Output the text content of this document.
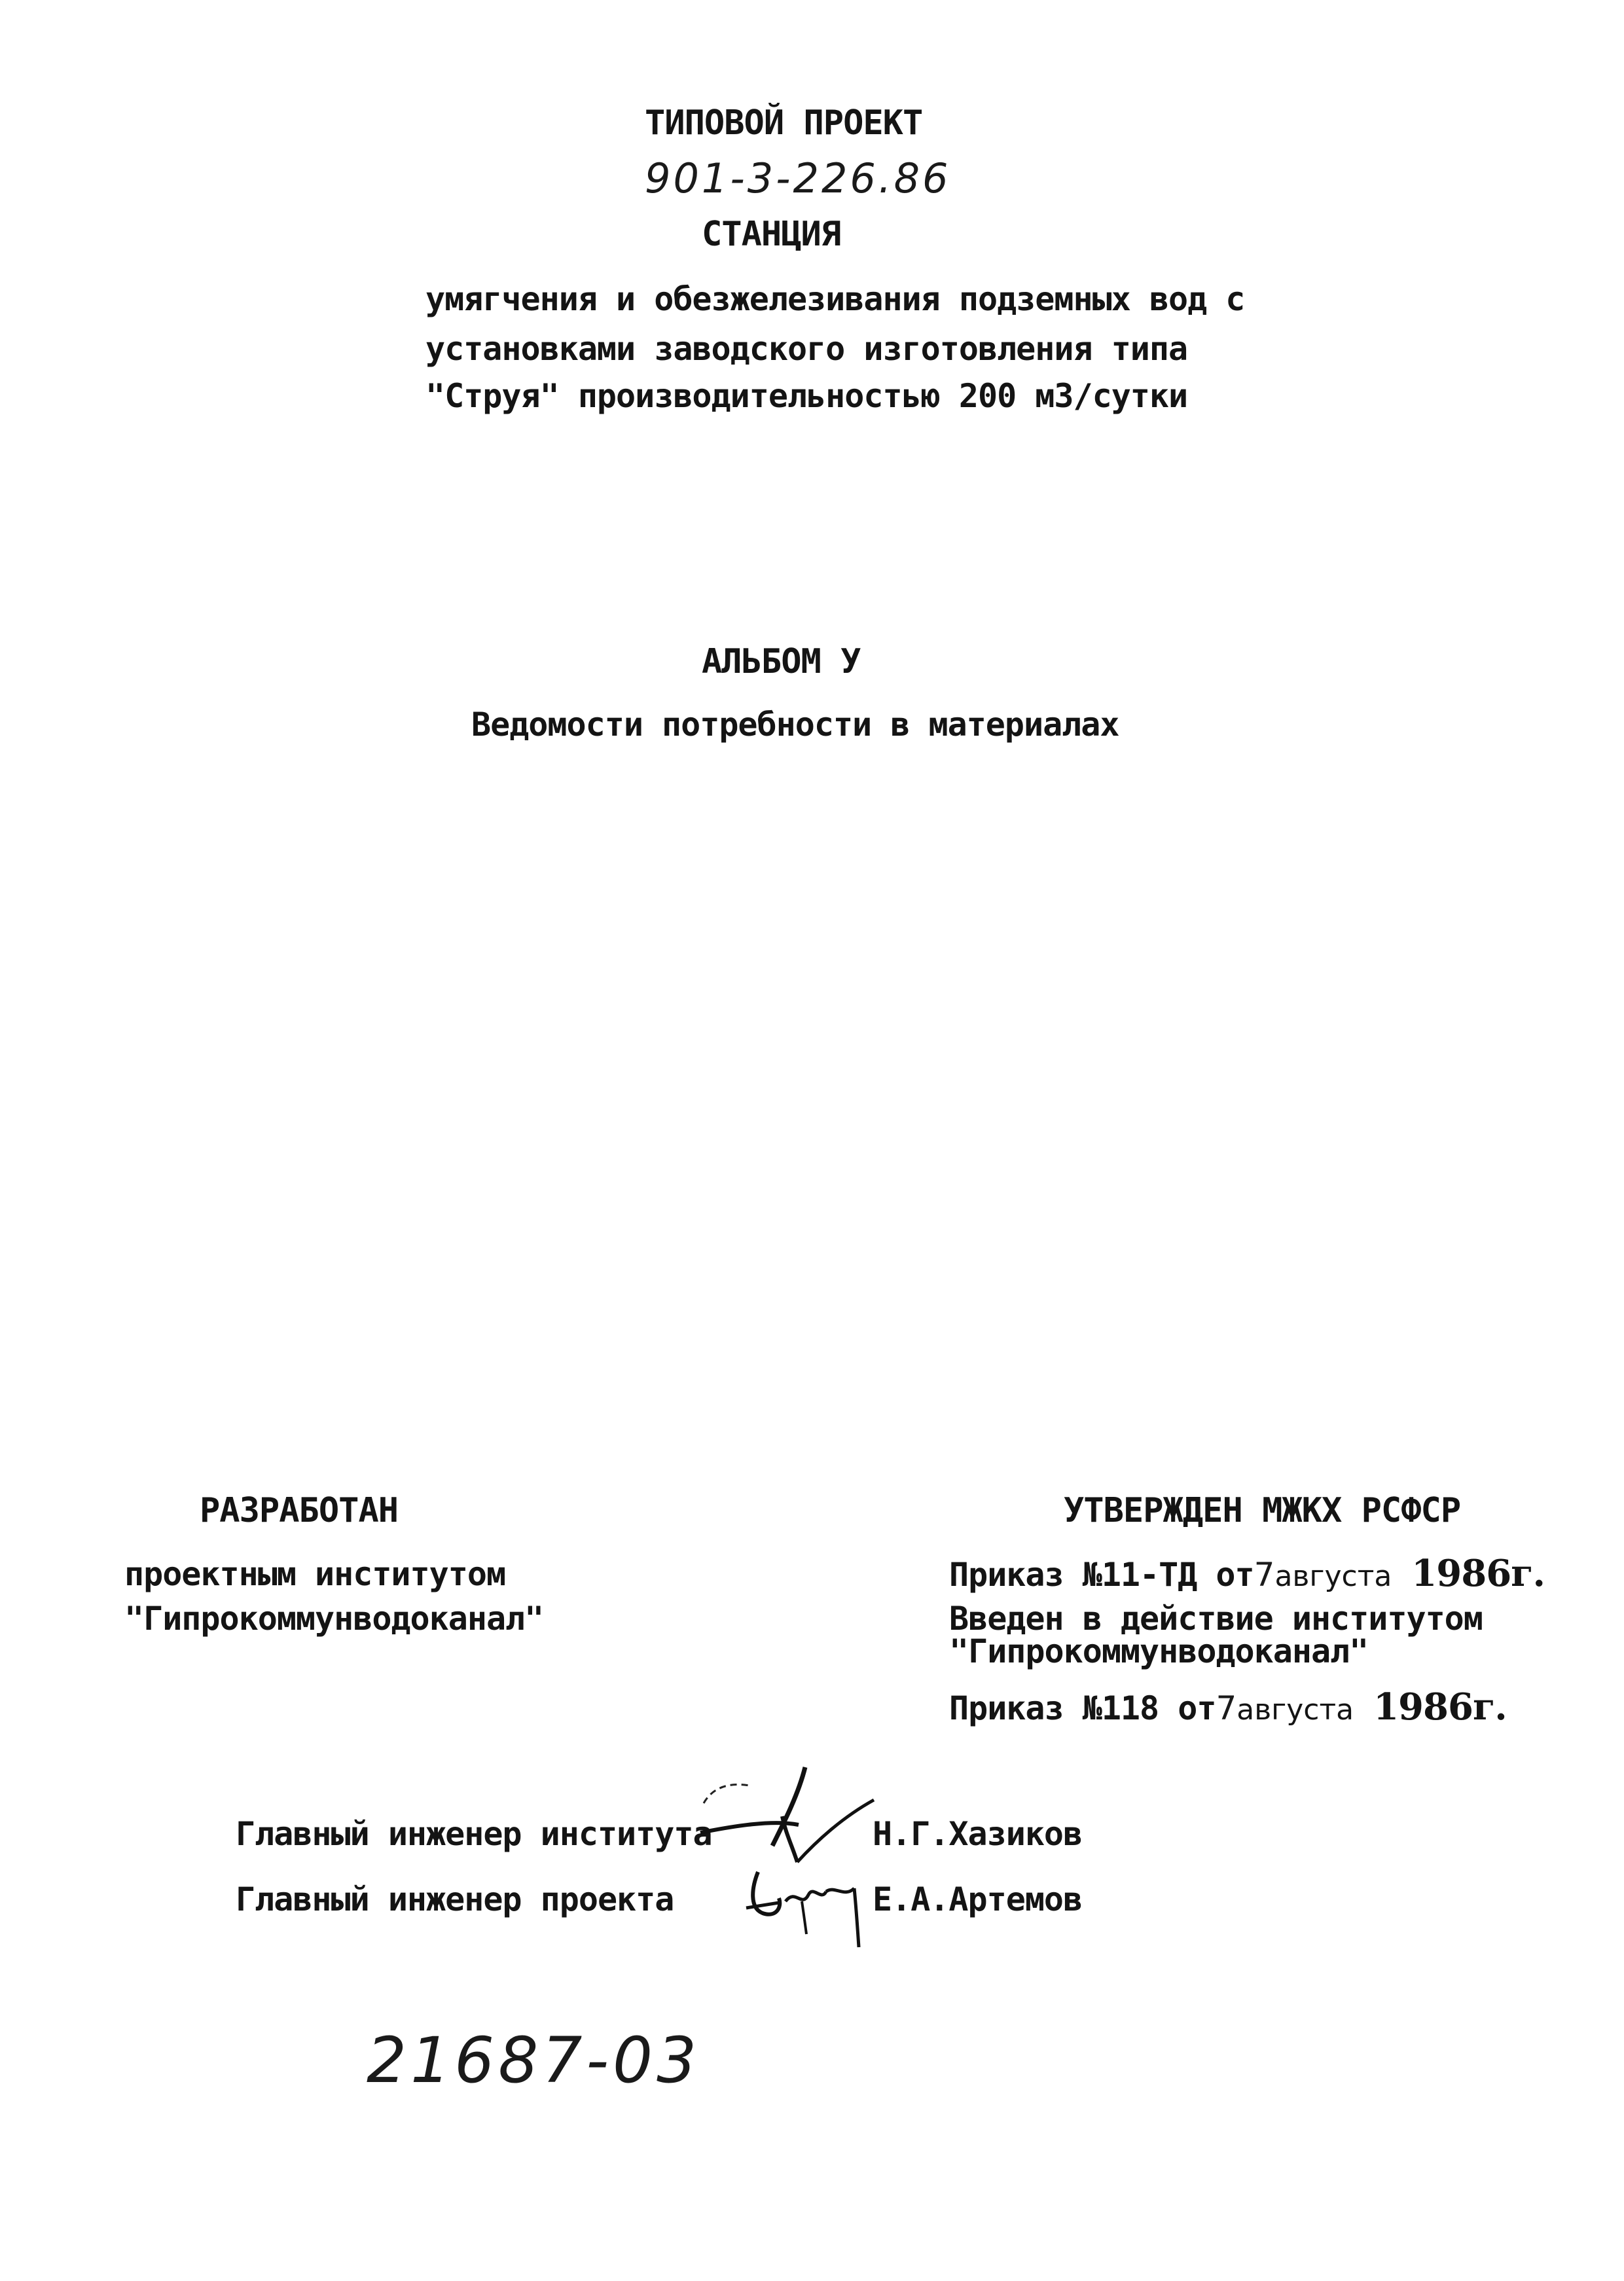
ТИПОВОЙ ПРОЕКТ
901-3-226.86
СТАНЦИЯ
умягчения и обезжелезивания подземных вод с
установками заводского изготовления типа
"Струя" производительностью 200 м3/сутки
АЛЬБОМ У
Ведомости потребности в материалах
РАЗРАБОТАН
проектным институтом
"Гипрокоммунводоканал"
УТВЕРЖДЕН МЖКХ РСФСР
Приказ №11-ТД от7августа 1986г.
Введен в действие институтом
"Гипрокоммунводоканал"
Приказ №118 от7августа 1986г.
Главный инженер института	Н.Г.Хазиков
Главный инженер проекта	Е.А.Артемов
21687-03
